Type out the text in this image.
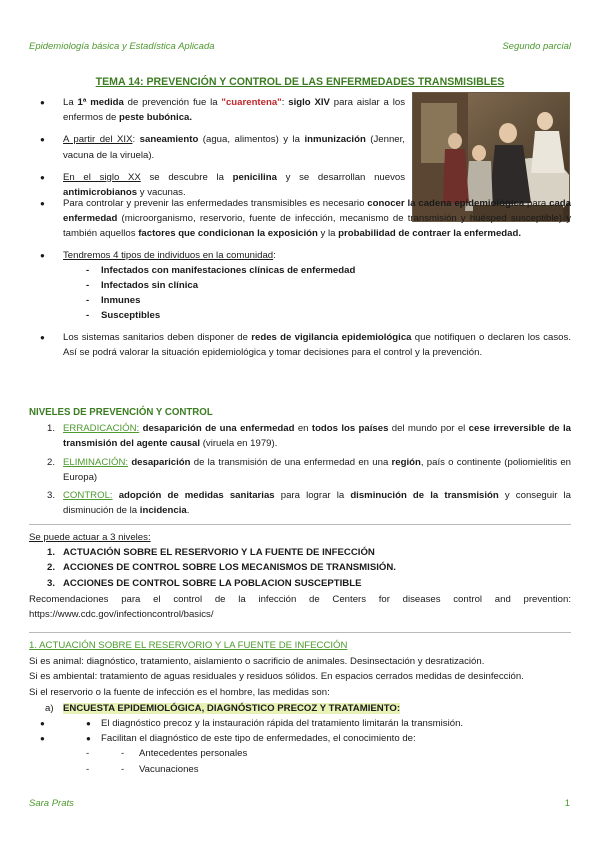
Epidemiología básica y Estadística Aplicada	Segundo parcial
TEMA 14: PREVENCIÓN Y CONTROL DE LAS ENFERMEDADES TRANSMISIBLES
● La 1ª medida de prevención fue la "cuarentena": siglo XIV para aislar a los enfermos de peste bubónica.
● A partir del XIX: saneamiento (agua, alimentos) y la inmunización (Jenner, vacuna de la viruela).
● En el siglo XX se descubre la penicilina y se desarrollan nuevos antimicrobianos y vacunas.
● Para controlar y prevenir las enfermedades transmisibles es necesario conocer la cadena epidemiológica para cada enfermedad (microorganismo, reservorio, fuente de infección, mecanismo de transmisión y huésped susceptible) y también aquellos factores que condicionan la exposición y la probabilidad de contraer la enfermedad.
● Tendremos 4 tipos de individuos en la comunidad:
- Infectados con manifestaciones clínicas de enfermedad
- Infectados sin clínica
- Inmunes
- Susceptibles
● Los sistemas sanitarios deben disponer de redes de vigilancia epidemiológica que notifiquen o declaren los casos. Así se podrá valorar la situación epidemiológica y tomar decisiones para el control y la prevención.
NIVELES DE PREVENCIÓN Y CONTROL
1. ERRADICACIÓN: desaparición de una enfermedad en todos los países del mundo por el cese irreversible de la transmisión del agente causal (viruela en 1979).
2. ELIMINACIÓN: desaparición de la transmisión de una enfermedad en una región, país o continente (poliomielitis en Europa)
3. CONTROL: adopción de medidas sanitarias para lograr la disminución de la transmisión y conseguir la disminución de la incidencia.
Se puede actuar a 3 niveles:
1. ACTUACIÓN SOBRE EL RESERVORIO Y LA FUENTE DE INFECCIÓN
2. ACCIONES DE CONTROL SOBRE LOS MECANISMOS DE TRANSMISIÓN.
3. ACCIONES DE CONTROL SOBRE LA POBLACION SUSCEPTIBLE
Recomendaciones para el control de la infección de Centers for diseases control and prevention: https://www.cdc.gov/infectioncontrol/basics/
1. ACTUACIÓN SOBRE EL RESERVORIO Y LA FUENTE DE INFECCIÓN
Si es animal: diagnóstico, tratamiento, aislamiento o sacrificio de animales. Desinsectación y desratización.
Si es ambiental: tratamiento de aguas residuales y residuos sólidos. En espacios cerrados medidas de desinfección.
Si el reservorio o la fuente de infección es el hombre, las medidas son:
a) ENCUESTA EPIDEMIOLÓGICA, DIAGNÓSTICO PRECOZ Y TRATAMIENTO:
● ● El diagnóstico precoz y la instauración rápida del tratamiento limitarán la transmisión.
● ● Facilitan el diagnóstico de este tipo de enfermedades, el conocimiento de:
- - Antecedentes personales
- - Vacunaciones
Sara Prats	1
